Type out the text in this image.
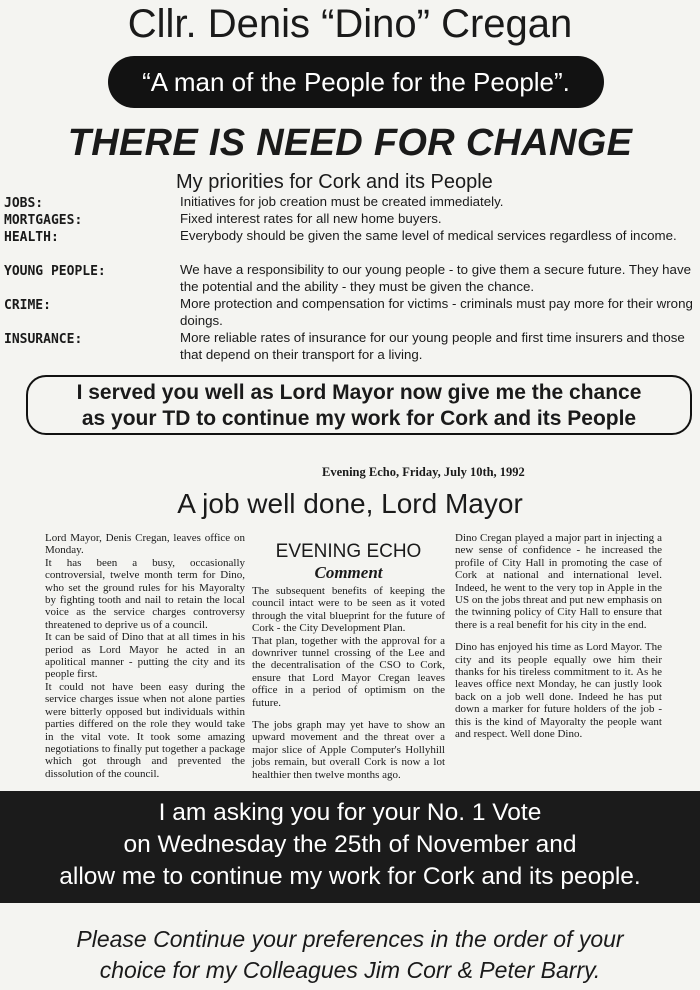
Cllr. Denis “Dino” Cregan
“A man of the People for the People”.
THERE IS NEED FOR CHANGE
My priorities for Cork and its People
JOBS:	Initiatives for job creation must be created immediately.
MORTGAGES:	Fixed interest rates for all new home buyers.
HEALTH:	Everybody should be given the same level of medical services regardless of income.
YOUNG PEOPLE:	We have a responsibility to our young people - to give them a secure future. They have the potential and the ability - they must be given the chance.
CRIME:	More protection and compensation for victims - criminals must pay more for their wrong doings.
INSURANCE:	More reliable rates of insurance for our young people and first time insurers and those that depend on their transport for a living.
I served you well as Lord Mayor now give me the chance
as your TD to continue my work for Cork and its People
Evening Echo, Friday, July 10th, 1992
A job well done, Lord Mayor

Lord Mayor, Denis Cregan, leaves office on Monday.

It has been a busy, occasionally controversial, twelve month term for Dino, who set the ground rules for his Mayoralty by fighting tooth and nail to retain the local voice as the service charges controversy threatened to deprive us of a council.

It can be said of Dino that at all times in his period as Lord Mayor he acted in an apolitical manner - putting the city and its people first.

It could not have been easy during the service charges issue when not alone parties were bitterly opposed but individuals within parties differed on the role they would take in the vital vote. It took some amazing negotiations to finally put together a package which got through and prevented the dissolution of the council.

EVENING ECHO
Comment

The subsequent benefits of keeping the council intact were to be seen as it voted through the vital blueprint for the future of Cork - the City Development Plan.

That plan, together with the approval for a downriver tunnel crossing of the Lee and the decentralisation of the CSO to Cork, ensure that Lord Mayor Cregan leaves office in a period of optimism on the future.

The jobs graph may yet have to show an upward movement and the threat over a major slice of Apple Computer's Hollyhill jobs remain, but overall Cork is now a lot healthier then twelve months ago.

Dino Cregan played a major part in injecting a new sense of confidence - he increased the profile of City Hall in promoting the case of Cork at national and international level. Indeed, he went to the very top in Apple in the US on the jobs threat and put new emphasis on the twinning policy of City Hall to ensure that there is a real benefit for his city in the end.

Dino has enjoyed his time as Lord Mayor. The city and its people equally owe him their thanks for his tireless commitment to it. As he leaves office next Monday, he can justly look back on a job well done. Indeed he has put down a marker for future holders of the job - this is the kind of Mayoralty the people want and respect. Well done Dino.

I am asking you for your No. 1 Vote
on Wednesday the 25th of November and
allow me to continue my work for Cork and its people.
Please Continue your preferences in the order of your
choice for my Colleagues Jim Corr & Peter Barry.
